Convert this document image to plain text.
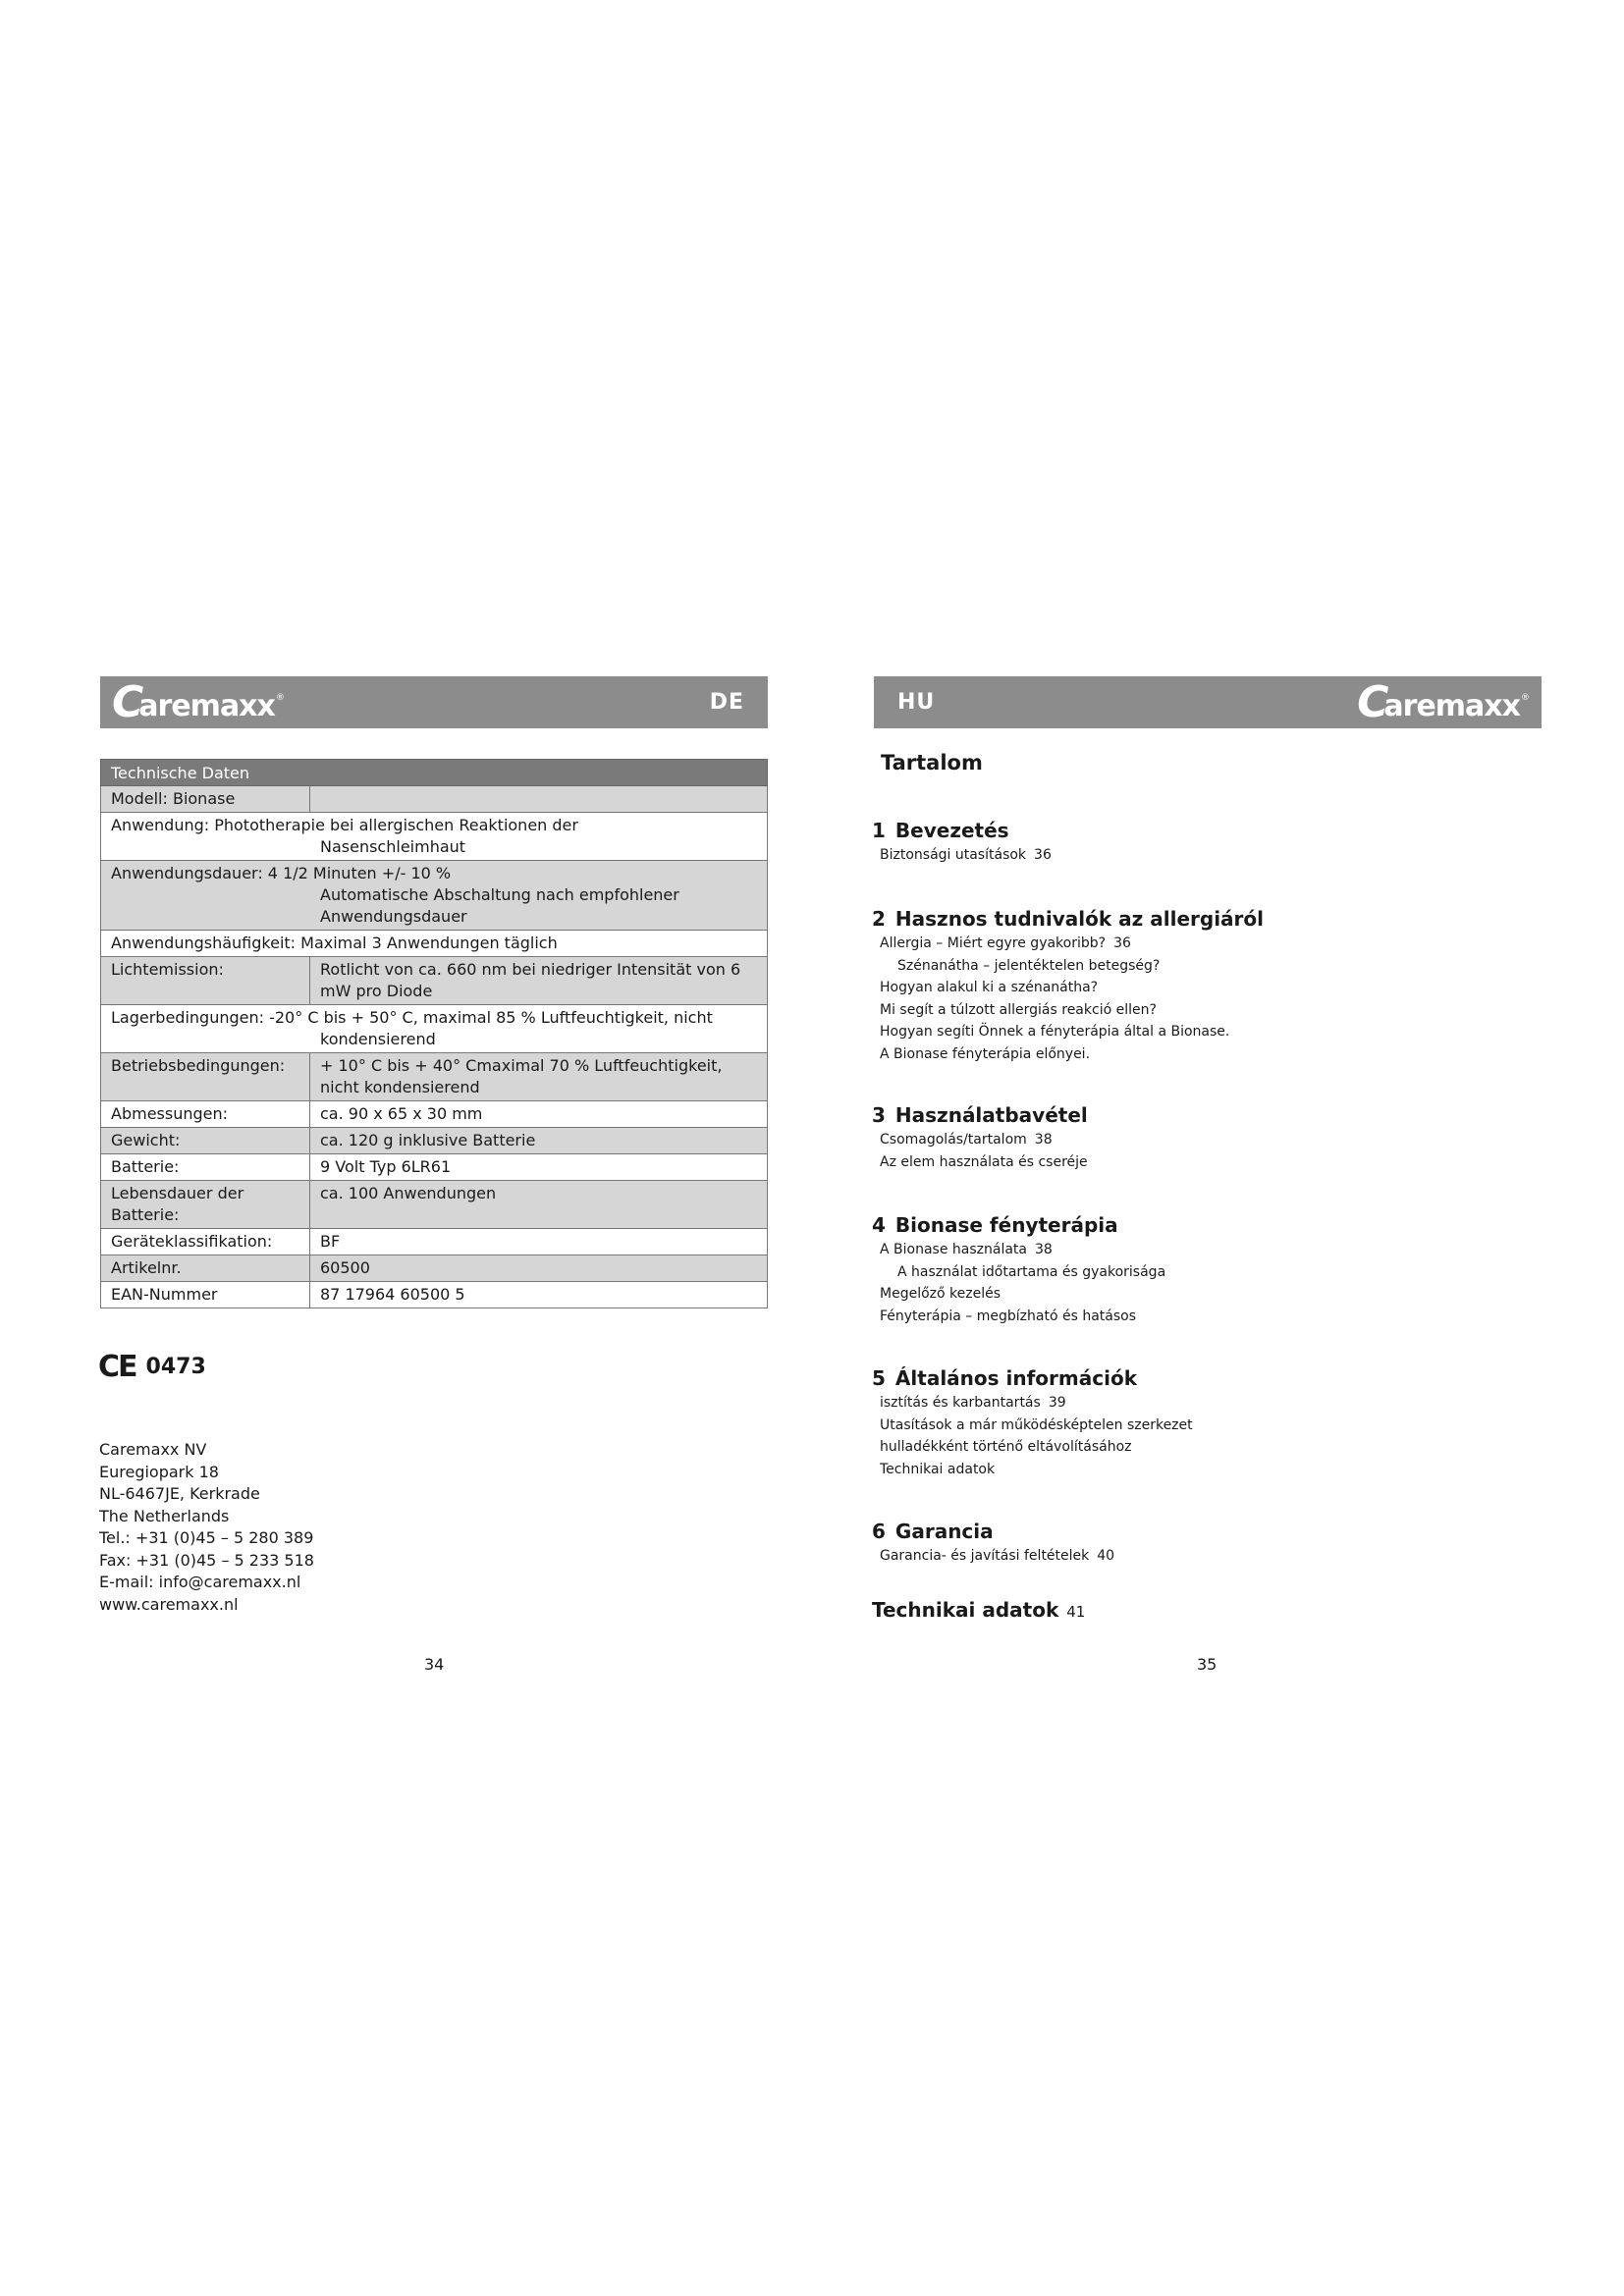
C
aremaxx ®	DE
Technische Daten	
Modell: Bionase	
Anwendung: Phototherapie bei allergischen Reaktionen der
Nasenschleimhaut	

Anwendungsdauer: 4 1/2 Minuten +/- 10 %
Automatische Abschaltung nach empfohlener
Anwendungsdauer	

Anwendungshäufigkeit: Maximal 3 Anwendungen täglich	
Lichtemission:	Rotlicht von ca. 660 nm bei niedriger Intensität von 6 mW pro Diode
Lagerbedingungen: -20° C bis + 50° C, maximal 85 % Luftfeuchtigkeit, nicht
kondensierend	

Betriebsbedingungen:	+ 10° C bis + 40° Cmaximal 70 % Luftfeuchtigkeit, nicht kondensierend
Abmessungen:	ca. 90 x 65 x 30 mm
Gewicht:	ca. 120 g inklusive Batterie
Batterie:	9 Volt Typ 6LR61
Lebensdauer der Batterie:	ca. 100 Anwendungen
Geräteklassifikation:	BF
Artikelnr.	60500
EAN-Nummer	87 17964 60500 5
CE 0473
Caremaxx NV
Euregiopark 18
NL-6467JE, Kerkrade
The Netherlands
Tel.: +31 (0)45 – 5 280 389
Fax: +31 (0)45 – 5 233 518
E-mail: info@caremaxx.nl
www.caremaxx.nl
34
HU	C
aremaxx ®
Tartalom
1 Bevezetés
Biztonsági utasítások 36
2 Hasznos tudnivalók az allergiáról
Allergia – Miért egyre gyakoribb? 36
Szénanátha – jelentéktelen betegség?
Hogyan alakul ki a szénanátha?
Mi segít a túlzott allergiás reakció ellen?
Hogyan segíti Önnek a fényterápia által a Bionase.
A Bionase fényterápia előnyei.
3 Használatbavétel
Csomagolás/tartalom 38
Az elem használata és cseréje
4 Bionase fényterápia
A Bionase használata 38
A használat időtartama és gyakorisága
Megelőző kezelés
Fényterápia – megbízható és hatásos
5 Általános információk
isztítás és karbantartás 39
Utasítások a már működésképtelen szerkezet
hulladékként történő eltávolításához
Technikai adatok
6 Garancia
Garancia- és javítási feltételek 40
Technikai adatok 41
35
